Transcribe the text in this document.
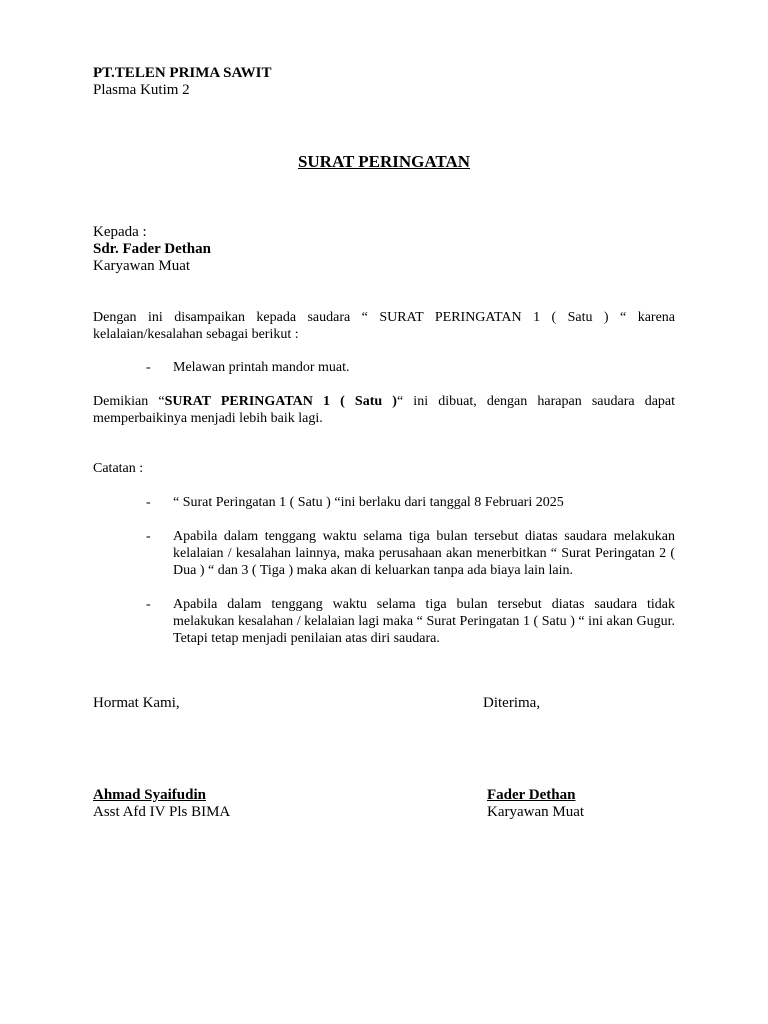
PT.TELEN PRIMA SAWIT
Plasma Kutim 2
SURAT PERINGATAN
Kepada :
Sdr. Fader Dethan
Karyawan Muat
Dengan ini disampaikan kepada saudara “ SURAT PERINGATAN 1 ( Satu ) “ karena kelalaian/kesalahan sebagai berikut :
- Melawan printah mandor muat.
Demikian “SURAT PERINGATAN 1 ( Satu )“ ini dibuat, dengan harapan saudara dapat memperbaikinya menjadi lebih baik lagi.
Catatan :
- “ Surat Peringatan 1 ( Satu ) “ini berlaku dari tanggal 8 Februari 2025
- Apabila dalam tenggang waktu selama tiga bulan tersebut diatas saudara melakukan kelalaian / kesalahan lainnya, maka perusahaan akan menerbitkan “ Surat Peringatan 2 ( Dua ) “ dan 3 ( Tiga ) maka akan di keluarkan tanpa ada biaya lain lain.
- Apabila dalam tenggang waktu selama tiga bulan tersebut diatas saudara tidak melakukan kesalahan / kelalaian lagi maka “ Surat Peringatan 1 ( Satu ) “ ini akan Gugur. Tetapi tetap menjadi penilaian atas diri saudara.
Hormat Kami,	Diterima,
Ahmad Syaifudin
Asst Afd IV Pls BIMA
Fader Dethan
Karyawan Muat
